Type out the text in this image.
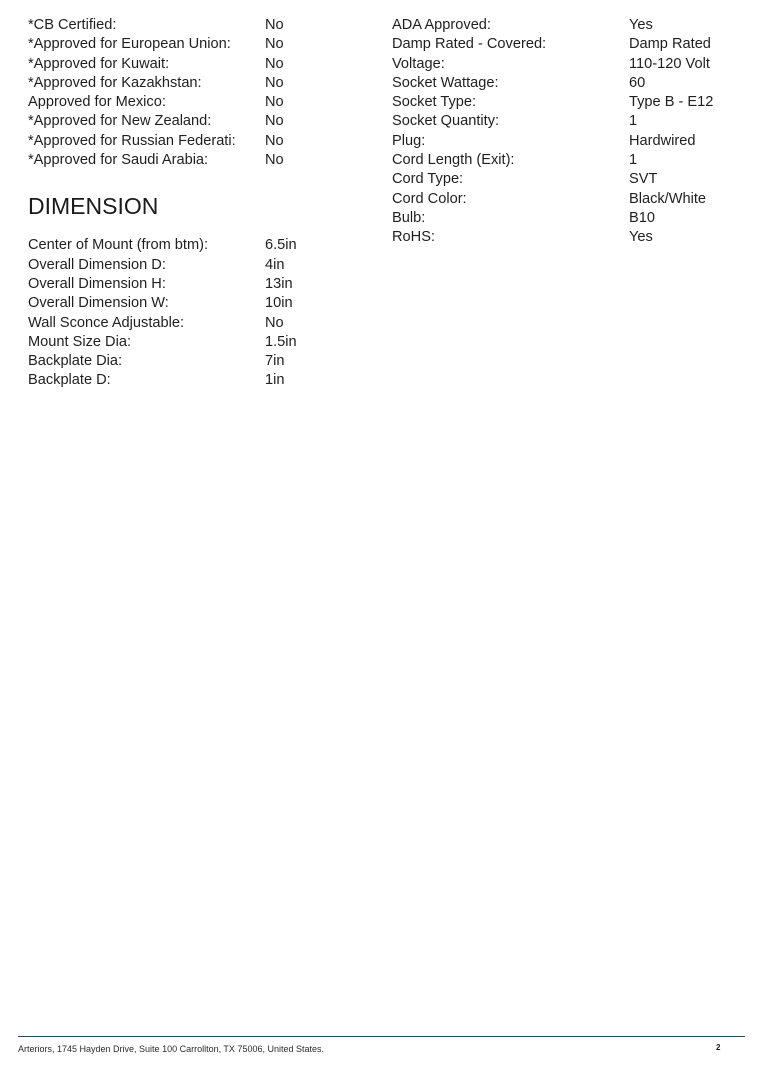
*CB Certified:	No
*Approved for European Union:	No
*Approved for Kuwait:	No
*Approved for Kazakhstan:	No
Approved for Mexico:	No
*Approved for New Zealand:	No
*Approved for Russian Federati:	No
*Approved for Saudi Arabia:	No
DIMENSION
Center of Mount (from btm):	6.5in
Overall Dimension D:	4in
Overall Dimension H:	13in
Overall Dimension W:	10in
Wall Sconce Adjustable:	No
Mount Size Dia:	1.5in
Backplate Dia:	7in
Backplate D:	1in
ADA Approved:	Yes
Damp Rated - Covered:	Damp Rated
Voltage:	110-120 Volt
Socket Wattage:	60
Socket Type:	Type B - E12
Socket Quantity:	1
Plug:	Hardwired
Cord Length (Exit):	1
Cord Type:	SVT
Cord Color:	Black/White
Bulb:	B10
RoHS:	Yes
Arteriors, 1745 Hayden Drive, Suite 100 Carrollton, TX 75006, United States.	2
